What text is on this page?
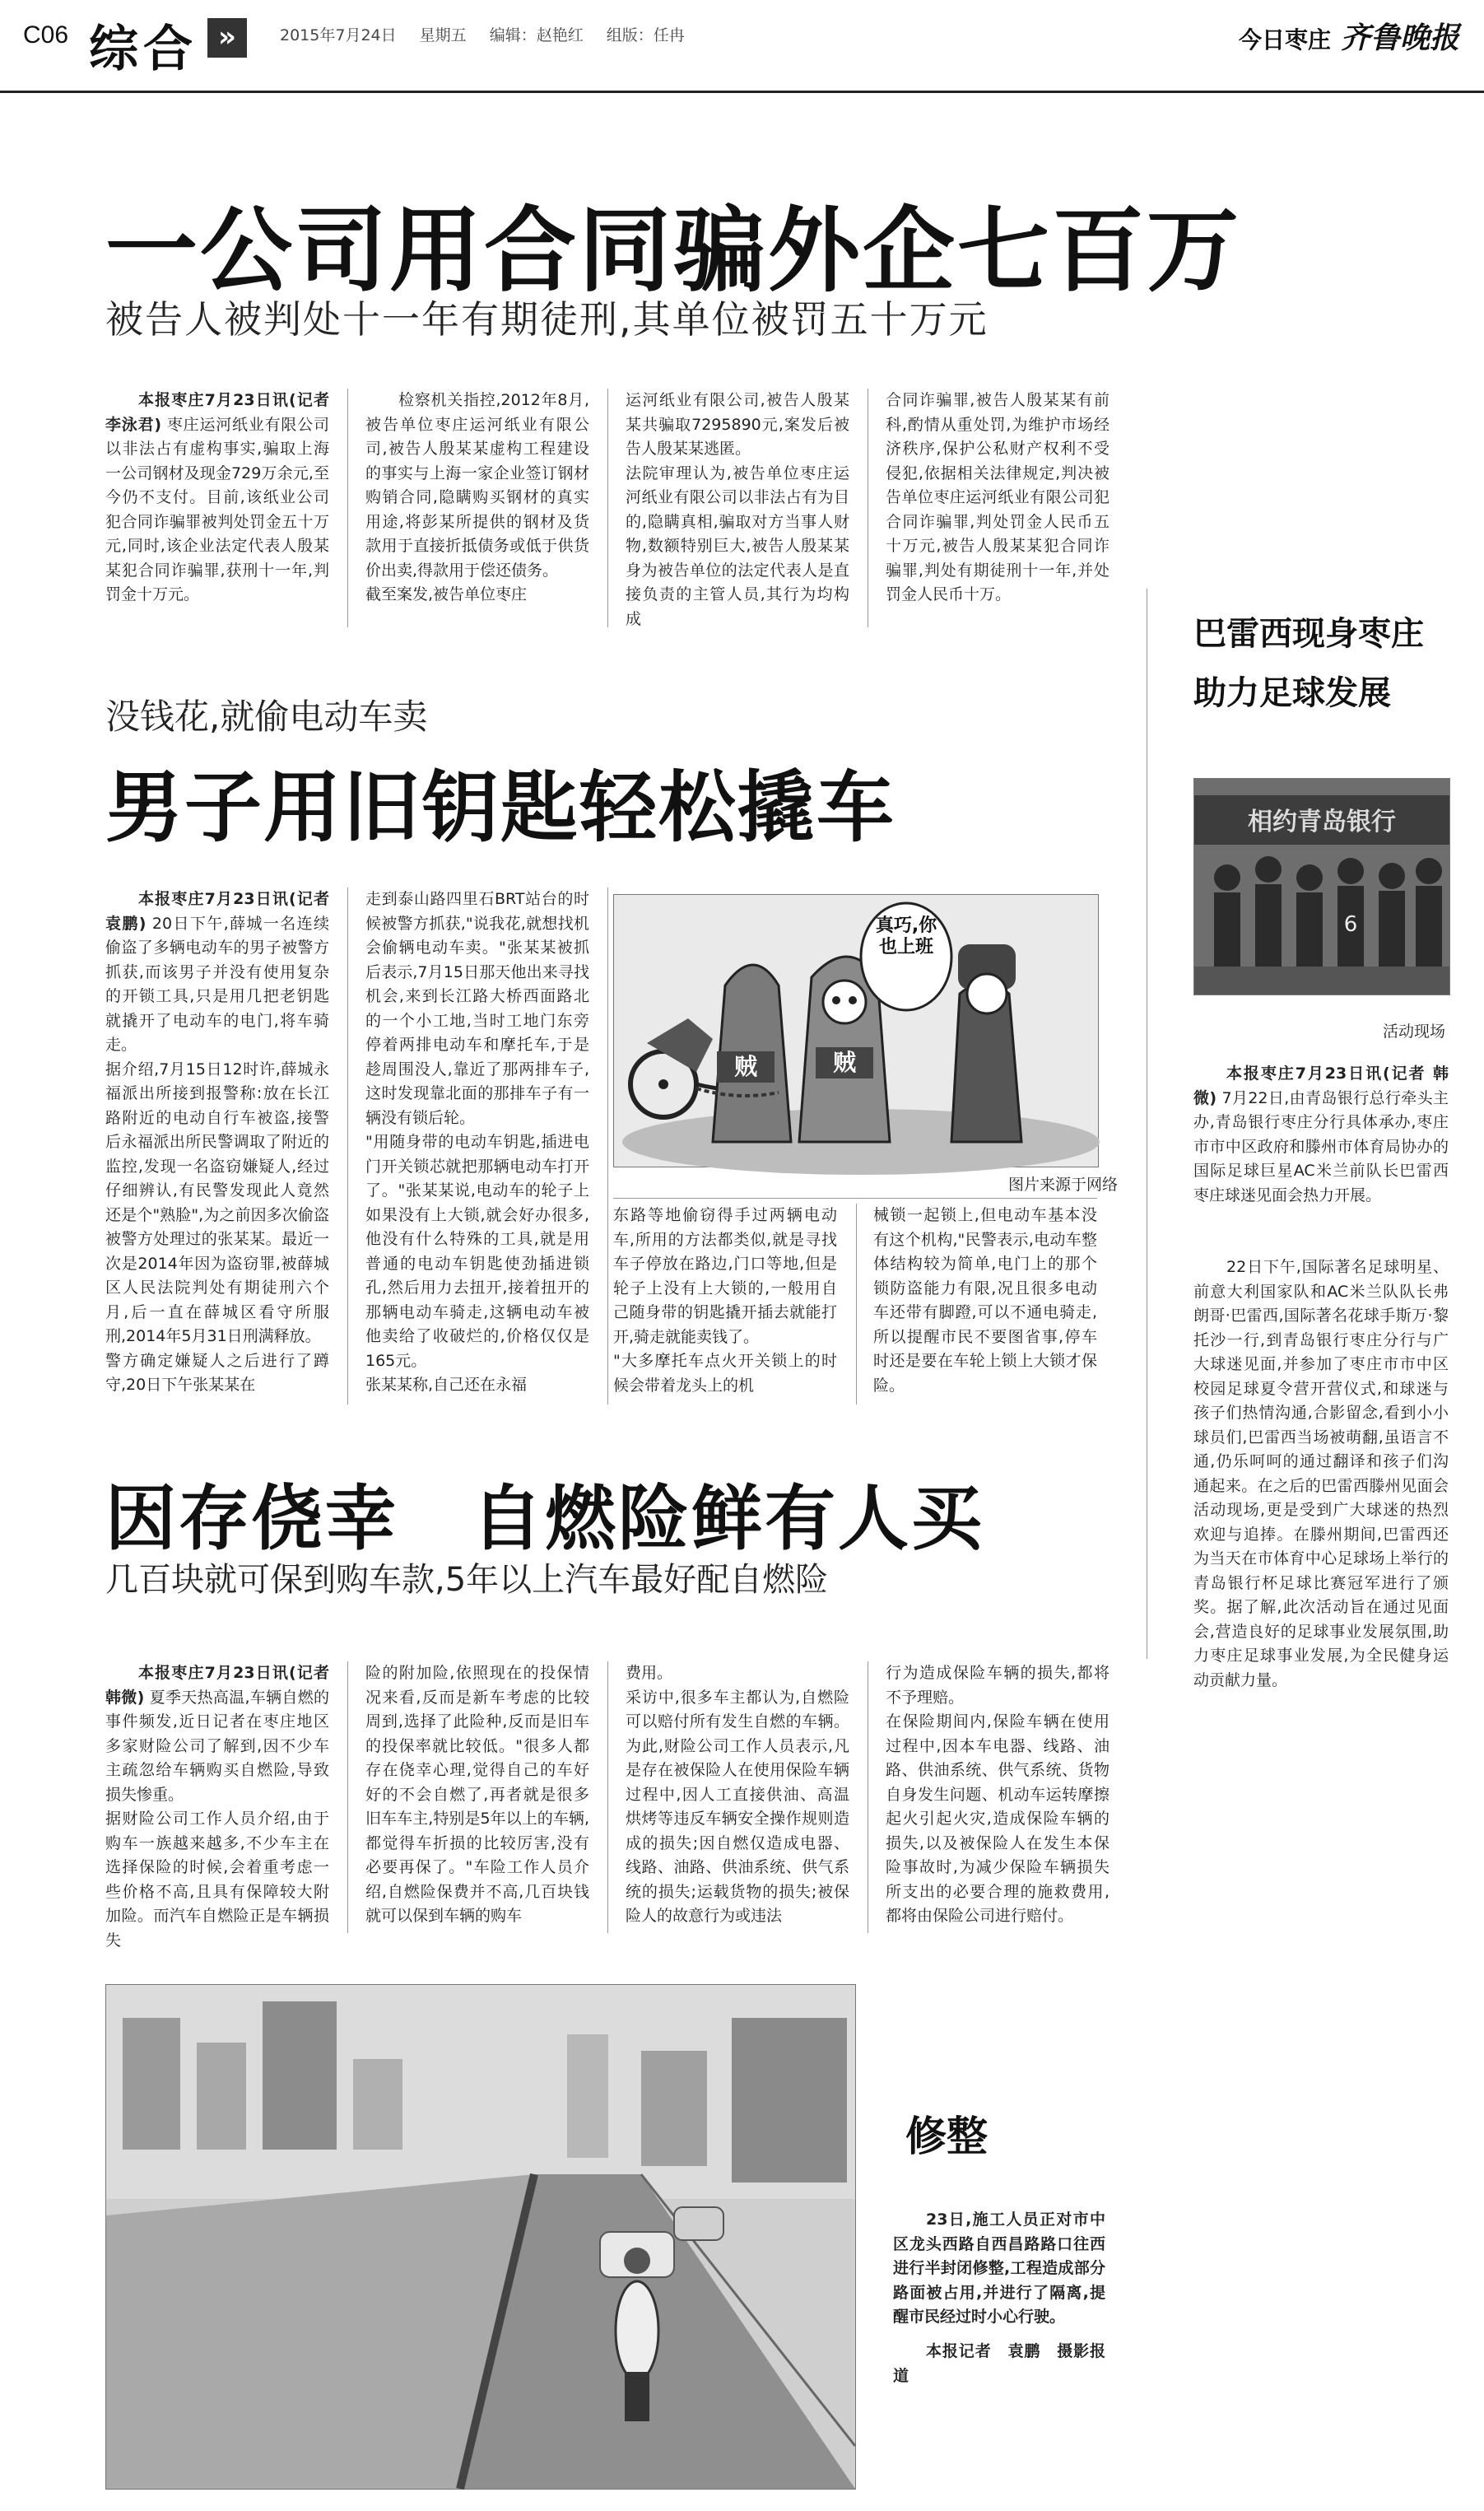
C06 综合 »	2015年7月24日 星期五 编辑：赵艳红 组版：任冉	今日枣庄 齐鲁晚报
一公司用合同骗外企七百万
被告人被判处十一年有期徒刑,其单位被罚五十万元
本报枣庄7月23日讯(记者 李泳君) 枣庄运河纸业有限公司以非法占有虚构事实,骗取上海一公司钢材及现金729万余元,至今仍不支付。目前,该纸业公司犯合同诈骗罪被判处罚金五十万元,同时,该企业法定代表人殷某某犯合同诈骗罪,获刑十一年,判罚金十万元。
检察机关指控,2012年8月,被告单位枣庄运河纸业有限公司,被告人殷某某虚构工程建设的事实与上海一家企业签订钢材购销合同,隐瞒购买钢材的真实用途,将彭某所提供的钢材及货款用于直接折抵债务或低于供货价出卖,得款用于偿还债务。
截至案发,被告单位枣庄
运河纸业有限公司,被告人殷某某共骗取7295890元,案发后被告人殷某某逃匿。
法院审理认为,被告单位枣庄运河纸业有限公司以非法占有为目的,隐瞒真相,骗取对方当事人财物,数额特别巨大,被告人殷某某身为被告单位的法定代表人是直接负责的主管人员,其行为均构成
合同诈骗罪,被告人殷某某有前科,酌情从重处罚,为维护市场经济秩序,保护公私财产权利不受侵犯,依据相关法律规定,判决被告单位枣庄运河纸业有限公司犯合同诈骗罪,判处罚金人民币五十万元,被告人殷某某犯合同诈骗罪,判处有期徒刑十一年,并处罚金人民币十万。
没钱花,就偷电动车卖
男子用旧钥匙轻松撬车
本报枣庄7月23日讯(记者 袁鹏) 20日下午,薛城一名连续偷盗了多辆电动车的男子被警方抓获,而该男子并没有使用复杂的开锁工具,只是用几把老钥匙就撬开了电动车的电门,将车骑走。
据介绍,7月15日12时许,薛城永福派出所接到报警称:放在长江路附近的电动自行车被盗,接警后永福派出所民警调取了附近的监控,发现一名盗窃嫌疑人,经过仔细辨认,有民警发现此人竟然还是个"熟脸",为之前因多次偷盗被警方处理过的张某某。最近一次是2014年因为盗窃罪,被薛城区人民法院判处有期徒刑六个月,后一直在薛城区看守所服刑,2014年5月31日刑满释放。
警方确定嫌疑人之后进行了蹲守,20日下午张某某在
走到泰山路四里石BRT站台的时候被警方抓获,"说我花,就想找机会偷辆电动车卖。"张某某被抓后表示,7月15日那天他出来寻找机会,来到长江路大桥西面路北的一个小工地,当时工地门东旁停着两排电动车和摩托车,于是趁周围没人,靠近了那两排车子,这时发现靠北面的那排车子有一辆没有锁后轮。
"用随身带的电动车钥匙,插进电门开关锁芯就把那辆电动车打开了。"张某某说,电动车的轮子上如果没有上大锁,就会好办很多,他没有什么特殊的工具,就是用普通的电动车钥匙使劲插进锁孔,然后用力去扭开,接着扭开的那辆电动车骑走,这辆电动车被他卖给了收破烂的,价格仅仅是165元。
张某某称,自己还在永福
贼	贼
真巧,你也上班
图片来源于网络
东路等地偷窃得手过两辆电动车,所用的方法都类似,就是寻找车子停放在路边,门口等地,但是轮子上没有上大锁的,一般用自己随身带的钥匙撬开插去就能打开,骑走就能卖钱了。
"大多摩托车点火开关锁上的时候会带着龙头上的机
械锁一起锁上,但电动车基本没有这个机构,"民警表示,电动车整体结构较为简单,电门上的那个锁防盗能力有限,况且很多电动车还带有脚蹬,可以不通电骑走,所以提醒市民不要图省事,停车时还是要在车轮上锁上大锁才保险。
因存侥幸　自燃险鲜有人买
几百块就可保到购车款,5年以上汽车最好配自燃险
本报枣庄7月23日讯(记者 韩微) 夏季天热高温,车辆自燃的事件频发,近日记者在枣庄地区多家财险公司了解到,因不少车主疏忽给车辆购买自燃险,导致损失惨重。
据财险公司工作人员介绍,由于购车一族越来越多,不少车主在选择保险的时候,会着重考虑一些价格不高,且具有保障较大附加险。而汽车自燃险正是车辆损失
险的附加险,依照现在的投保情况来看,反而是新车考虑的比较周到,选择了此险种,反而是旧车的投保率就比较低。"很多人都存在侥幸心理,觉得自己的车好好的不会自燃了,再者就是很多旧车车主,特别是5年以上的车辆,都觉得车折损的比较厉害,没有必要再保了。"车险工作人员介绍,自燃险保费并不高,几百块钱就可以保到车辆的购车
费用。
采访中,很多车主都认为,自燃险可以赔付所有发生自燃的车辆。为此,财险公司工作人员表示,凡是存在被保险人在使用保险车辆过程中,因人工直接供油、高温烘烤等违反车辆安全操作规则造成的损失;因自燃仅造成电器、线路、油路、供油系统、供气系统的损失;运载货物的损失;被保险人的故意行为或违法
行为造成保险车辆的损失,都将不予理赔。
在保险期间内,保险车辆在使用过程中,因本车电器、线路、油路、供油系统、供气系统、货物自身发生问题、机动车运转摩擦起火引起火灾,造成保险车辆的损失,以及被保险人在发生本保险事故时,为减少保险车辆损失所支出的必要合理的施救费用,都将由保险公司进行赔付。
修整
23日,施工人员正对市中区龙头西路自西昌路路口往西进行半封闭修整,工程造成部分路面被占用,并进行了隔离,提醒市民经过时小心行驶。
本报记者　袁鹏　摄影报道
巴雷西现身枣庄
助力足球发展
相约青岛银行
6
活动现场
本报枣庄7月23日讯(记者 韩微) 7月22日,由青岛银行总行牵头主办,青岛银行枣庄分行具体承办,枣庄市市中区政府和滕州市体育局协办的国际足球巨星AC米兰前队长巴雷西枣庄球迷见面会热力开展。
22日下午,国际著名足球明星、前意大利国家队和AC米兰队队长弗朗哥·巴雷西,国际著名花球手斯万·黎托沙一行,到青岛银行枣庄分行与广大球迷见面,并参加了枣庄市市中区校园足球夏令营开营仪式,和球迷与孩子们热情沟通,合影留念,看到小小球员们,巴雷西当场被萌翻,虽语言不通,仍乐呵呵的通过翻译和孩子们沟通起来。在之后的巴雷西滕州见面会活动现场,更是受到广大球迷的热烈欢迎与追捧。在滕州期间,巴雷西还为当天在市体育中心足球场上举行的青岛银行杯足球比赛冠军进行了颁奖。据了解,此次活动旨在通过见面会,营造良好的足球事业发展氛围,助力枣庄足球事业发展,为全民健身运动贡献力量。
